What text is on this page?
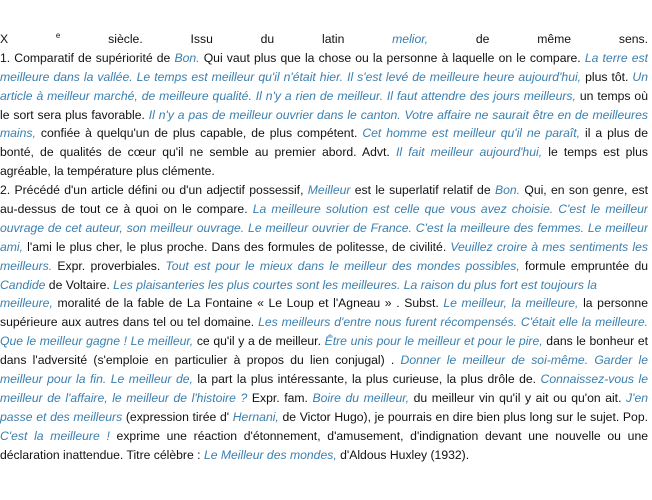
X $^e$ siècle. Issu du latin melior, de même sens.
1. Comparatif de supériorité de Bon. Qui vaut plus que la chose ou la personne à laquelle on le compare. La terre est
meilleure dans la vallée. Le temps est meilleur qu'il n'était hier. Il s'est levé de meilleure heure aujourd'hui, plus tôt. Un
article à meilleur marché, de meilleure qualité. Il n'y a rien de meilleur. Il faut attendre des jours meilleurs, un temps où
le sort sera plus favorable. Il n'y a pas de meilleur ouvrier dans le canton. Votre affaire ne saurait être en de meilleures
mains, confiée à quelqu'un de plus capable, de plus compétent. Cet homme est meilleur qu'il ne paraît, il a plus de
bonté, de qualités de cœur qu'il ne semble au premier abord. Advt. Il fait meilleur aujourd'hui, le temps est plus
agréable, la température plus clémente.
2. Précédé d'un article défini ou d'un adjectif possessif, Meilleur est le superlatif relatif de Bon. Qui, en son genre, est
au-dessus de tout ce à quoi on le compare. La meilleure solution est celle que vous avez choisie. C'est le meilleur
ouvrage de cet auteur, son meilleur ouvrage. Le meilleur ouvrier de France. C'est la meilleure des femmes. Le meilleur
ami, l'ami le plus cher, le plus proche. Dans des formules de politesse, de civilité. Veuillez croire à mes sentiments les
meilleurs. Expr. proverbiales. Tout est pour le mieux dans le meilleur des mondes possibles, formule empruntée du
Candide de Voltaire. Les plaisanteries les plus courtes sont les meilleures. La raison du plus fort est toujours la
meilleure, moralité de la fable de La Fontaine « Le Loup et l'Agneau » . Subst. Le meilleur, la meilleure, la personne
supérieure aux autres dans tel ou tel domaine. Les meilleurs d'entre nous furent récompensés. C'était elle la meilleure.
Que le meilleur gagne ! Le meilleur, ce qu'il y a de meilleur. Être unis pour le meilleur et pour le pire, dans le bonheur et
dans l'adversité (s'emploie en particulier à propos du lien conjugal) . Donner le meilleur de soi-même. Garder le
meilleur pour la fin. Le meilleur de, la part la plus intéressante, la plus curieuse, la plus drôle de. Connaissez-vous le
meilleur de l'affaire, le meilleur de l'histoire ? Expr. fam. Boire du meilleur, du meilleur vin qu'il y ait ou qu'on ait. J'en
passe et des meilleurs (expression tirée d' Hernani, de Victor Hugo), je pourrais en dire bien plus long sur le sujet. Pop.
C'est la meilleure ! exprime une réaction d'étonnement, d'amusement, d'indignation devant une nouvelle ou une
déclaration inattendue. Titre célèbre : Le Meilleur des mondes, d'Aldous Huxley (1932).
